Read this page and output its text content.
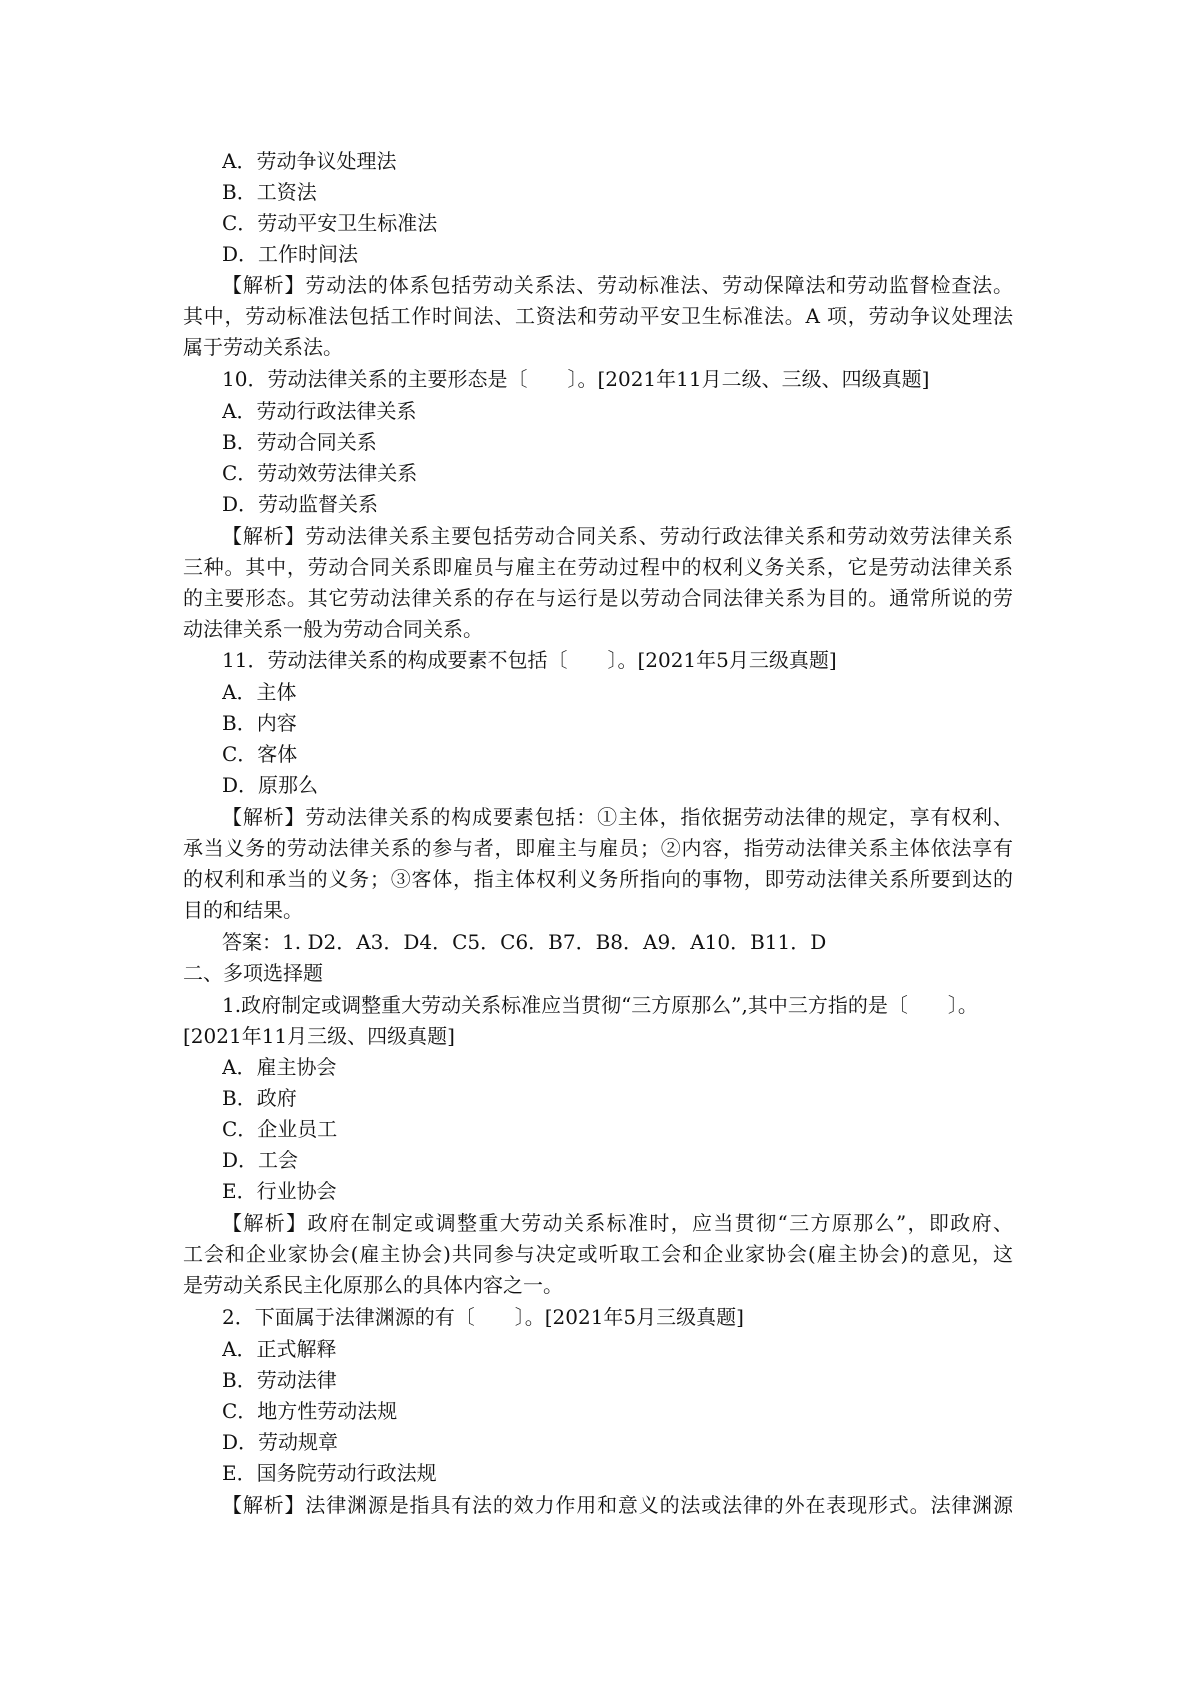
A．劳动争议处理法
B．工资法
C．劳动平安卫生标准法
D．工作时间法
【解析】劳动法的体系包括劳动关系法、劳动标准法、劳动保障法和劳动监督检查法。
其中，劳动标准法包括工作时间法、工资法和劳动平安卫生标准法。A 项，劳动争议处理法
属于劳动关系法。
10．劳动法律关系的主要形态是〔　　〕。[2021年11月二级、三级、四级真题]
A．劳动行政法律关系
B．劳动合同关系
C．劳动效劳法律关系
D．劳动监督关系
【解析】劳动法律关系主要包括劳动合同关系、劳动行政法律关系和劳动效劳法律关系
三种。其中，劳动合同关系即雇员与雇主在劳动过程中的权利义务关系，它是劳动法律关系
的主要形态。其它劳动法律关系的存在与运行是以劳动合同法律关系为目的。通常所说的劳
动法律关系一般为劳动合同关系。
11．劳动法律关系的构成要素不包括〔　　〕。[2021年5月三级真题]
A．主体
B．内容
C．客体
D．原那么
【解析】劳动法律关系的构成要素包括：①主体，指依据劳动法律的规定，享有权利、
承当义务的劳动法律关系的参与者，即雇主与雇员；②内容，指劳动法律关系主体依法享有
的权利和承当的义务；③客体，指主体权利义务所指向的事物，即劳动法律关系所要到达的
目的和结果。
答案：1. D2．A3．D4．C5．C6．B7．B8．A9．A10．B11．D
二、多项选择题
1.政府制定或调整重大劳动关系标准应当贯彻“三方原那么”,其中三方指的是〔　　〕。
[2021年11月三级、四级真题]
A．雇主协会
B．政府
C．企业员工
D．工会
E．行业协会
【解析】政府在制定或调整重大劳动关系标准时，应当贯彻“三方原那么”，即政府、
工会和企业家协会(雇主协会)共同参与决定或听取工会和企业家协会(雇主协会)的意见，这
是劳动关系民主化原那么的具体内容之一。
2．下面属于法律渊源的有〔　　〕。[2021年5月三级真题]
A．正式解释
B．劳动法律
C．地方性劳动法规
D．劳动规章
E．国务院劳动行政法规
【解析】法律渊源是指具有法的效力作用和意义的法或法律的外在表现形式。法律渊源
